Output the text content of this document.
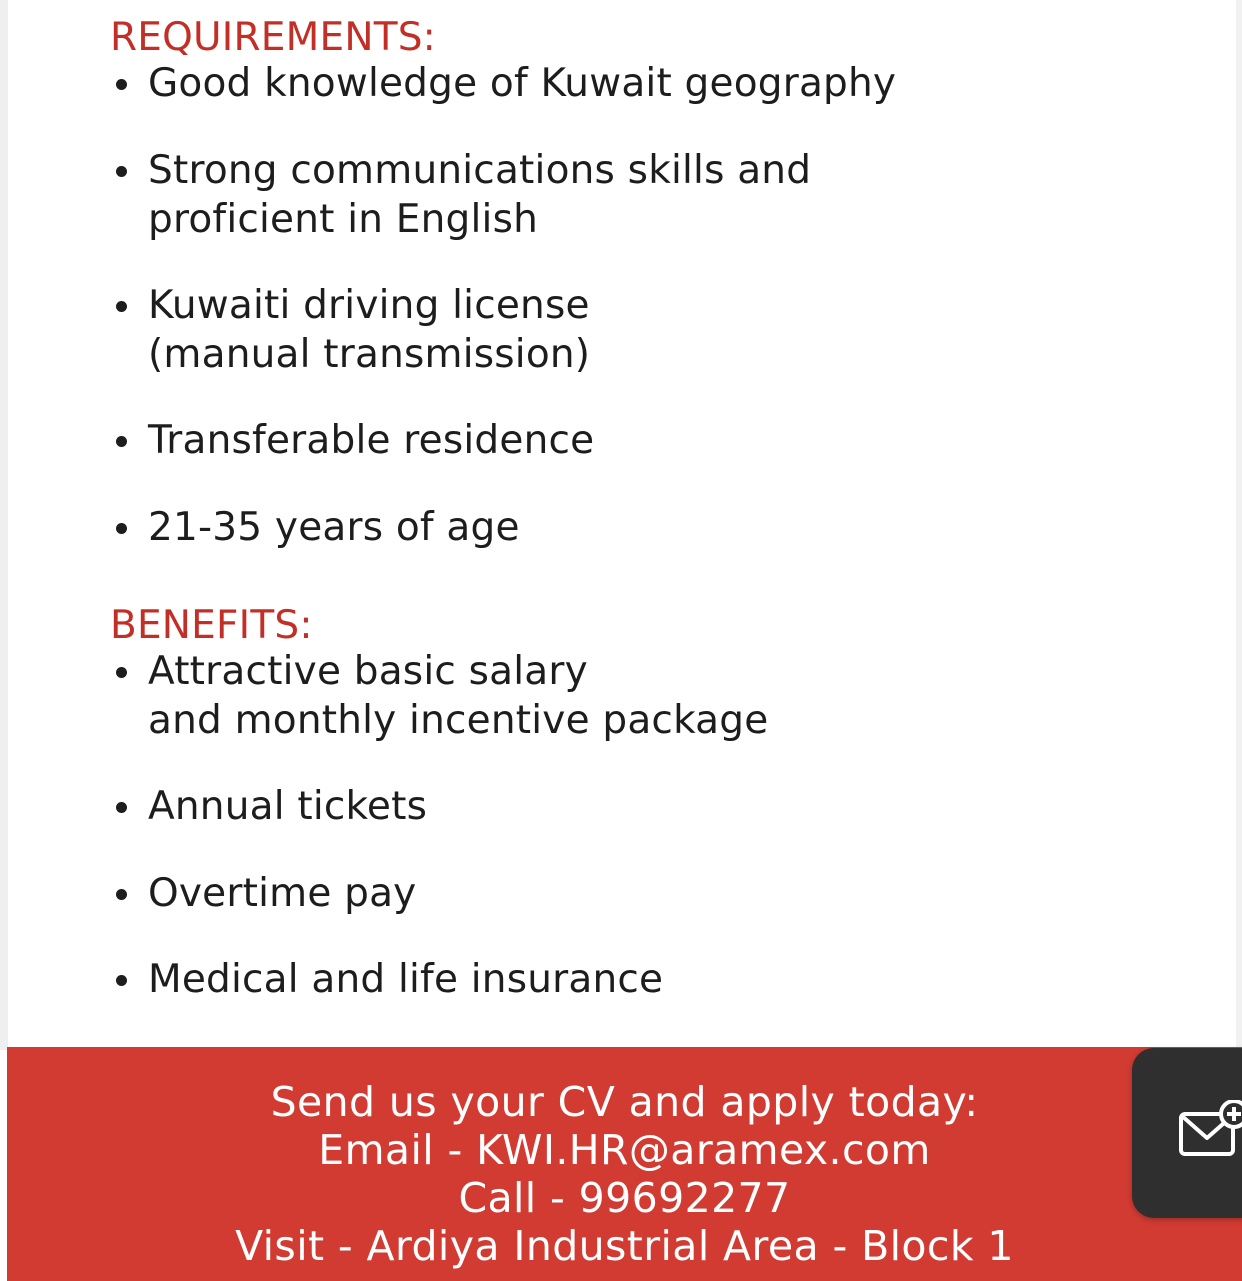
REQUIREMENTS:
Good knowledge of Kuwait geography
Strong communications skills and
proficient in English
Kuwaiti driving license
(manual transmission)
Transferable residence
21-35 years of age
BENEFITS:
Attractive basic salary
and monthly incentive package
Annual tickets
Overtime pay
Medical and life insurance
Send us your CV and apply today:
Email - KWI.HR@aramex.com
Call - 99692277
Visit - Ardiya Industrial Area - Block 1
